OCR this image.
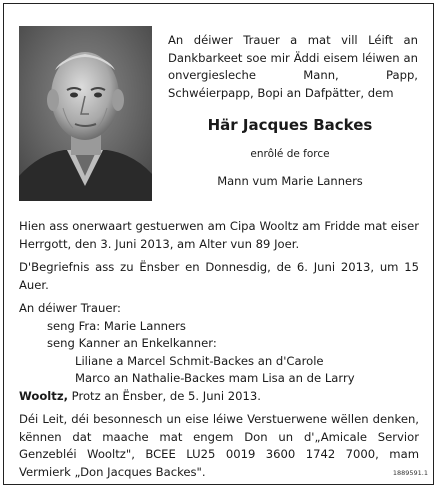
An déiwer Trauer a mat vill Léift an Dankbarkeet soe mir Äddi eisem léiwen an onvergiesleche Mann, Papp, Schwéierpapp, Bopi an Dafpätter, dem
Här Jacques Backes
enrôlé de force
Mann vum Marie Lanners

Hien ass onerwaart gestuerwen am Cipa Wooltz am Fridde mat eiser Herrgott, den 3. Juni 2013, am Alter vun 89 Joer.

D'Begriefnis ass zu Ënsber en Donnesdig, de 6. Juni 2013, um 15 Auer.

An déiwer Trauer:

seng Fra: Marie Lanners

seng Kanner an Enkelkanner:

Liliane a Marcel Schmit-Backes an d'Carole

Marco an Nathalie-Backes mam Lisa an de Larry

Wooltz, Protz an Ënsber, de 5. Juni 2013.

Déi Leit, déi besonnesch un eise léiwe Verstuerwene wëllen denken, kënnen dat maache mat engem Don un d'„Amicale Servior Genzebléi Wooltz", BCEE LU25 0019 3600 1742 7000, mam Vermierk „Don Jacques Backes".	1889591.1
